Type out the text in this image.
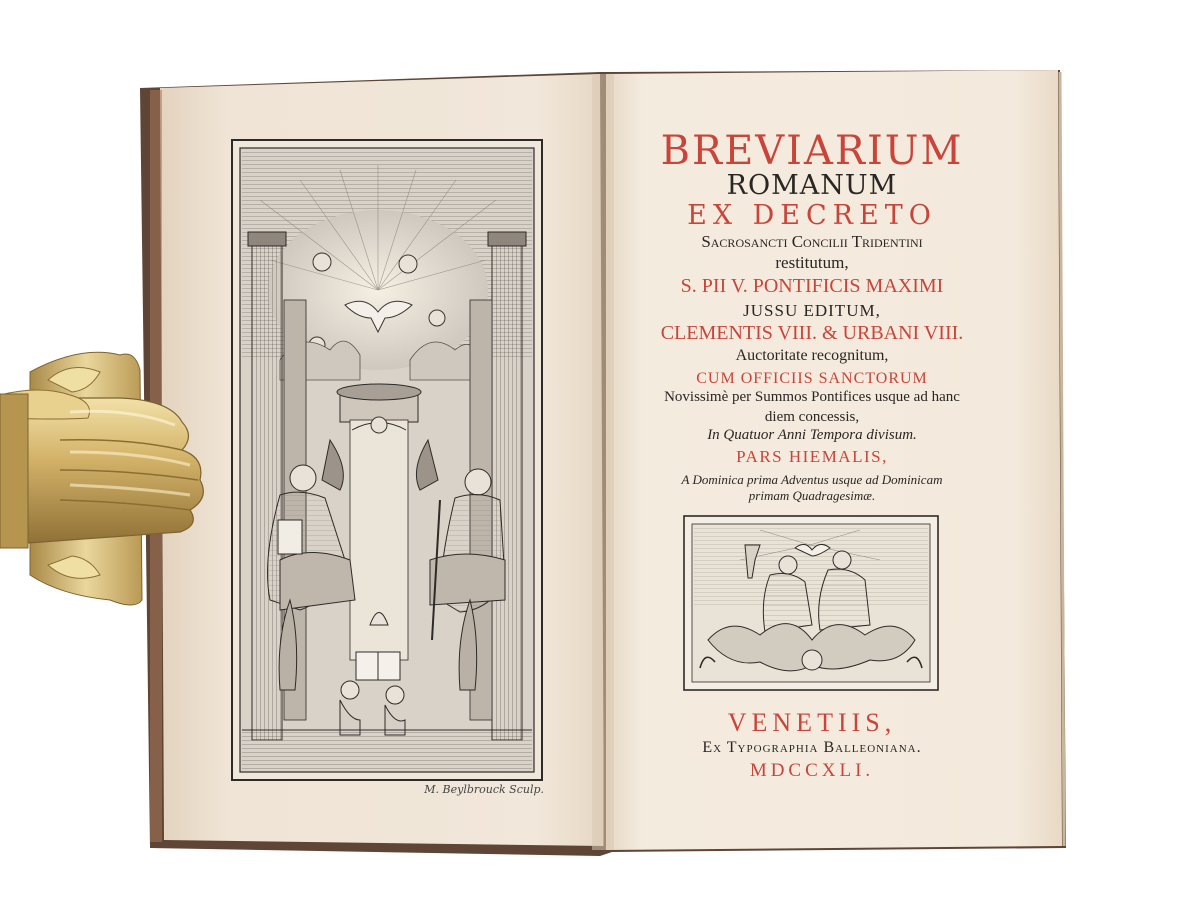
M. Beylbrouck Sculp.
BREVIARIUM
ROMANUM
EX DECRETO
Sacrosancti Concilii Tridentini
restitutum,
S. PII V. PONTIFICIS MAXIMI
JUSSU EDITUM,
CLEMENTIS VIII. & URBANI VIII.
Auctoritate recognitum,
CUM OFFICIIS SANCTORUM
Novissimè per Summos Pontifices usque ad hanc
diem concessis,
In Quatuor Anni Tempora divisum.
PARS HIEMALIS,
A Dominica prima Adventus usque ad Dominicam
primam Quadragesimæ.
VENETIIS,
Ex Typographia Balleoniana.
MDCCXLI.
